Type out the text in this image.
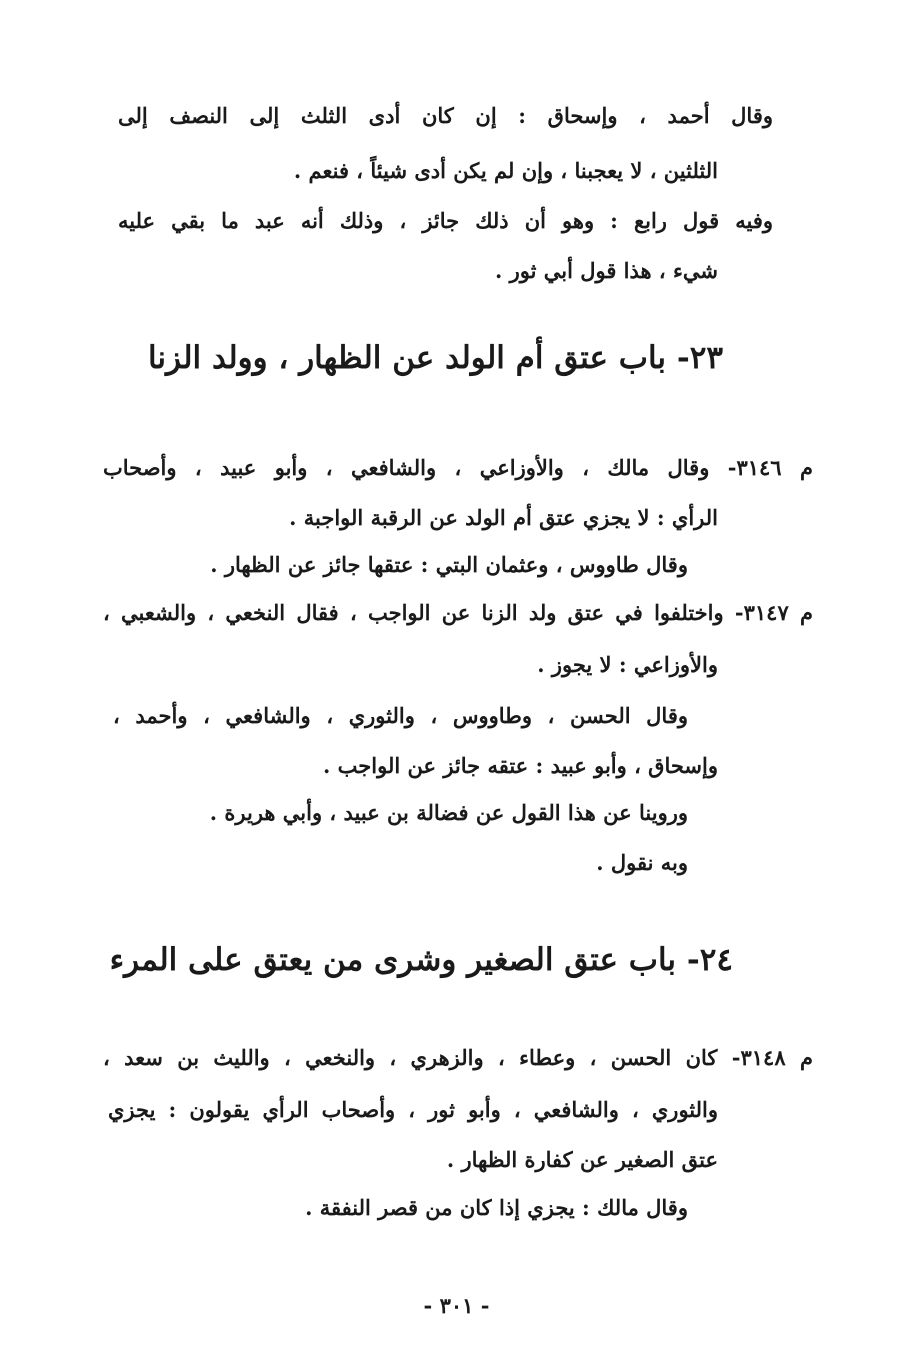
وقال أحمد ، وإسحاق : إن كان أدى الثلث إلى النصف إلى
الثلثين ، لا يعجبنا ، وإن لم يكن أدى شيئاً ، فنعم .
وفيه قول رابع : وهو أن ذلك جائز ، وذلك أنه عبد ما بقي عليه
شيء ، هذا قول أبي ثور .
٢٣- باب عتق أم الولد عن الظهار ، وولد الزنا
م ٣١٤٦- وقال مالك ، والأوزاعي ، والشافعي ، وأبو عبيد ، وأصحاب
الرأي : لا يجزي عتق أم الولد عن الرقبة الواجبة .
وقال طاووس ، وعثمان البتي : عتقها جائز عن الظهار .
م ٣١٤٧- واختلفوا في عتق ولد الزنا عن الواجب ، فقال النخعي ، والشعبي ،
والأوزاعي : لا يجوز .
وقال الحسن ، وطاووس ، والثوري ، والشافعي ، وأحمد ،
وإسحاق ، وأبو عبيد : عتقه جائز عن الواجب .
وروينا عن هذا القول عن فضالة بن عبيد ، وأبي هريرة .
وبه نقول .
٢٤- باب عتق الصغير وشرى من يعتق على المرء
م ٣١٤٨- كان الحسن ، وعطاء ، والزهري ، والنخعي ، والليث بن سعد ،
والثوري ، والشافعي ، وأبو ثور ، وأصحاب الرأي يقولون : يجزي
عتق الصغير عن كفارة الظهار .
وقال مالك : يجزي إذا كان من قصر النفقة .
- ٣٠١ -
